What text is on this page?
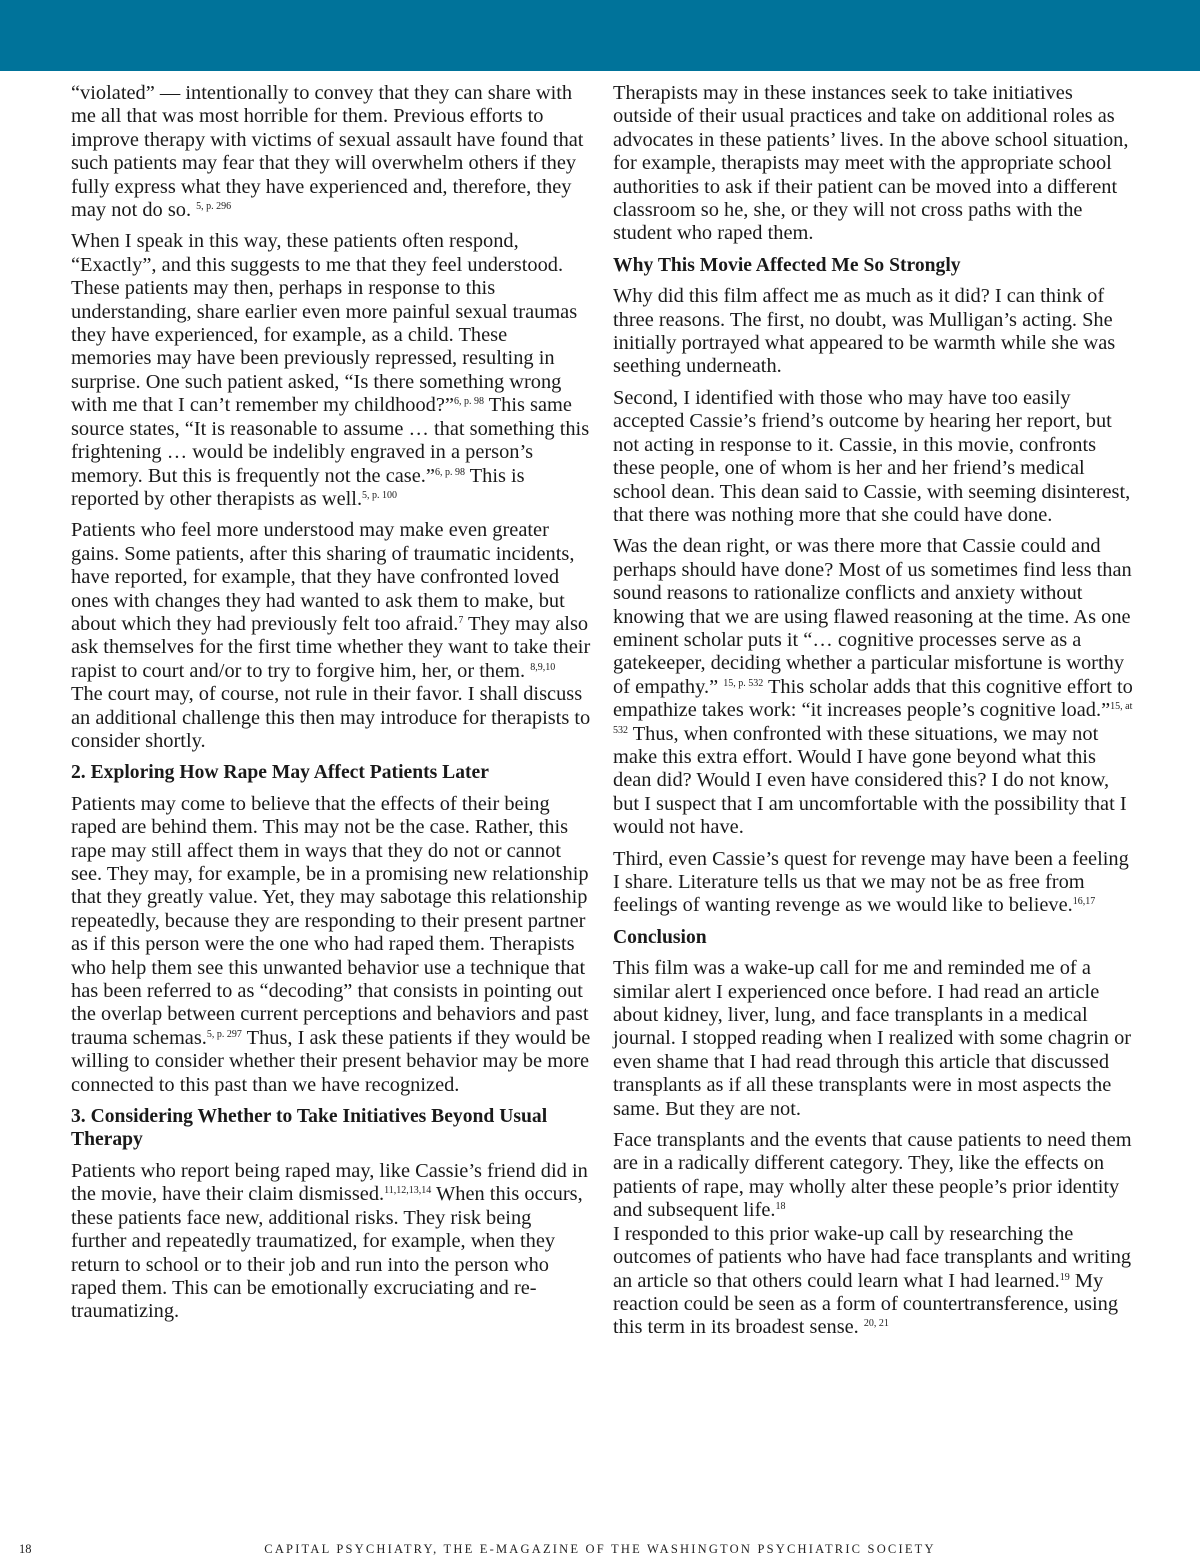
“violated” — intentionally to convey that they can share with me all that was most horrible for them. Previous efforts to improve therapy with victims of sexual assault have found that such patients may fear that they will overwhelm others if they fully express what they have experienced and, therefore, they may not do so. $^{5, p. 296}$

When I speak in this way, these patients often respond, “Exactly”, and this suggests to me that they feel understood. These patients may then, perhaps in response to this understanding, share earlier even more painful sexual traumas they have experienced, for example, as a child. These memories may have been previously repressed, resulting in surprise. One such patient asked, “Is there something wrong with me that I can’t remember my childhood?”$^{6, p. 98}$ This same source states, “It is reasonable to assume … that something this frightening … would be indelibly engraved in a person’s memory. But this is frequently not the case.”$^{6, p. 98}$ This is reported by other therapists as well.$^{5, p. 100}$

Patients who feel more understood may make even greater gains. Some patients, after this sharing of traumatic incidents, have reported, for example, that they have confronted loved ones with changes they had wanted to ask them to make, but about which they had previously felt too afraid.$^7$ They may also ask themselves for the first time whether they want to take their rapist to court and/or to try to forgive him, her, or them. $^{8,9,10}$ The court may, of course, not rule in their favor. I shall discuss an additional challenge this then may introduce for therapists to consider shortly.

2. Exploring How Rape May Affect Patients Later

Patients may come to believe that the effects of their being raped are behind them. This may not be the case. Rather, this rape may still affect them in ways that they do not or cannot see. They may, for example, be in a promising new relationship that they greatly value. Yet, they may sabotage this relationship repeatedly, because they are responding to their present partner as if this person were the one who had raped them. Therapists who help them see this unwanted behavior use a technique that has been referred to as “decoding” that consists in pointing out the overlap between current perceptions and behaviors and past trauma schemas.$^{5, p. 297}$ Thus, I ask these patients if they would be willing to consider whether their present behavior may be more connected to this past than we have recognized.

3. Considering Whether to Take Initiatives Beyond Usual Therapy

Patients who report being raped may, like Cassie’s friend did in the movie, have their claim dismissed.$^{11,12,13,14}$ When this occurs, these patients face new, additional risks. They risk being further and repeatedly traumatized, for example, when they return to school or to their job and run into the person who raped them. This can be emotionally excruciating and re-traumatizing.

Therapists may in these instances seek to take initiatives outside of their usual practices and take on additional roles as advocates in these patients’ lives. In the above school situation, for example, therapists may meet with the appropriate school authorities to ask if their patient can be moved into a different classroom so he, she, or they will not cross paths with the student who raped them.

Why This Movie Affected Me So Strongly

Why did this film affect me as much as it did? I can think of three reasons. The first, no doubt, was Mulligan’s acting. She initially portrayed what appeared to be warmth while she was seething underneath.

Second, I identified with those who may have too easily accepted Cassie’s friend’s outcome by hearing her report, but not acting in response to it. Cassie, in this movie, confronts these people, one of whom is her and her friend’s medical school dean. This dean said to Cassie, with seeming disinterest, that there was nothing more that she could have done.

Was the dean right, or was there more that Cassie could and perhaps should have done? Most of us sometimes find less than sound reasons to rationalize conflicts and anxiety without knowing that we are using flawed reasoning at the time. As one eminent scholar puts it “… cognitive processes serve as a gatekeeper, deciding whether a particular misfortune is worthy of empathy.” $^{15, p. 532}$ This scholar adds that this cognitive effort to empathize takes work: “it increases people’s cognitive load.”$^{15, at 532}$ Thus, when confronted with these situations, we may not make this extra effort. Would I have gone beyond what this dean did? Would I even have considered this? I do not know, but I suspect that I am uncomfortable with the possibility that I would not have.

Third, even Cassie’s quest for revenge may have been a feeling I share. Literature tells us that we may not be as free from feelings of wanting revenge as we would like to believe.$^{16,17}$

Conclusion

This film was a wake-up call for me and reminded me of a similar alert I experienced once before. I had read an article about kidney, liver, lung, and face transplants in a medical journal. I stopped reading when I realized with some chagrin or even shame that I had read through this article that discussed transplants as if all these transplants were in most aspects the same. But they are not.

Face transplants and the events that cause patients to need them are in a radically different category. They, like the effects on patients of rape, may wholly alter these people’s prior identity and subsequent life.$^{18}$
I responded to this prior wake-up call by researching the outcomes of patients who have had face transplants and writing an article so that others could learn what I had learned.$^{19}$ My reaction could be seen as a form of countertransference, using this term in its broadest sense. $^{20, 21}$

18	CAPITAL PSYCHIATRY, THE E-MAGAZINE OF THE WASHINGTON PSYCHIATRIC SOCIETY
